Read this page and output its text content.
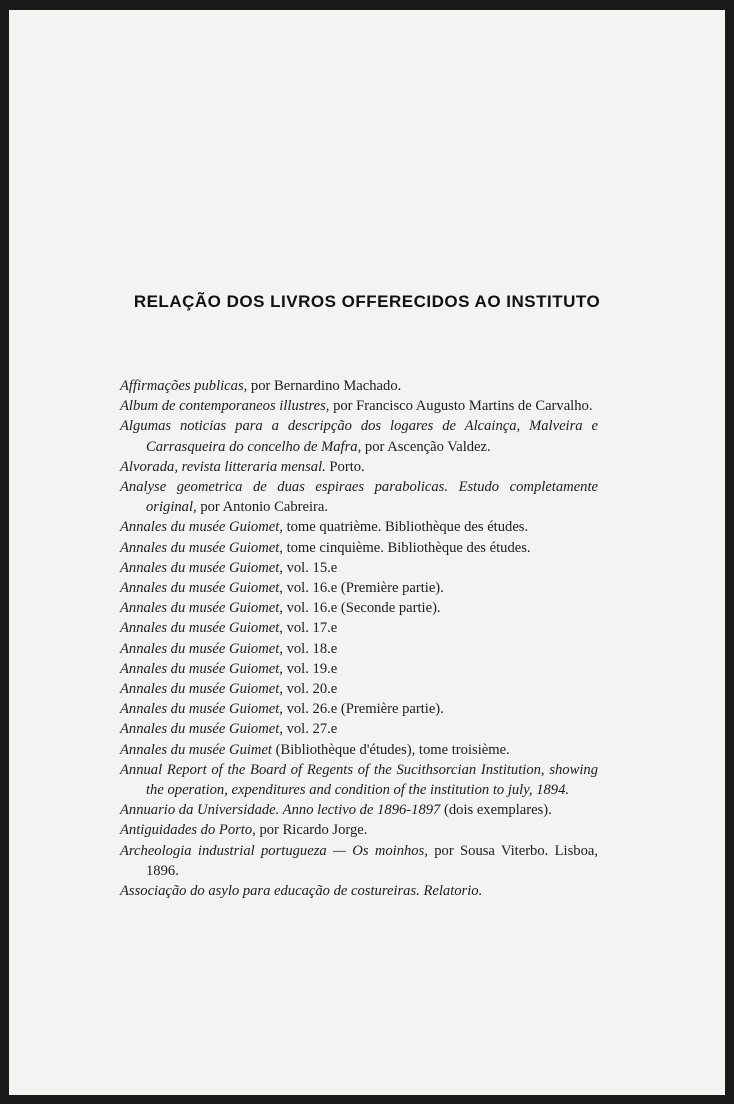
RELAÇÃO DOS LIVROS OFFERECIDOS AO INSTITUTO
Affirmações publicas, por Bernardino Machado.
Album de contemporaneos illustres, por Francisco Augusto Martins de Carvalho.
Algumas noticias para a descripção dos logares de Alcainça, Malveira e Carrasqueira do concelho de Mafra, por Ascenção Valdez.
Alvorada, revista litteraria mensal. Porto.
Analyse geometrica de duas espiraes parabolicas. Estudo completamente original, por Antonio Cabreira.
Annales du musée Guiomet, tome quatrième. Bibliothèque des études.
Annales du musée Guiomet, tome cinquième. Bibliothèque des études.
Annales du musée Guiomet, vol. 15.e
Annales du musée Guiomet, vol. 16.e (Première partie).
Annales du musée Guiomet, vol. 16.e (Seconde partie).
Annales du musée Guiomet, vol. 17.e
Annales du musée Guiomet, vol. 18.e
Annales du musée Guiomet, vol. 19.e
Annales du musée Guiomet, vol. 20.e
Annales du musée Guiomet, vol. 26.e (Première partie).
Annales du musée Guiomet, vol. 27.e
Annales du musée Guimet (Bibliothèque d'études), tome troisième.
Annual Report of the Board of Regents of the Sucithsorcian Institution, showing the operation, expenditures and condition of the institution to july, 1894.
Annuario da Universidade. Anno lectivo de 1896-1897 (dois exemplares).
Antiguidades do Porto, por Ricardo Jorge.
Archeologia industrial portugueza — Os moinhos, por Sousa Viterbo. Lisboa, 1896.
Associação do asylo para educação de costureiras. Relatorio.
